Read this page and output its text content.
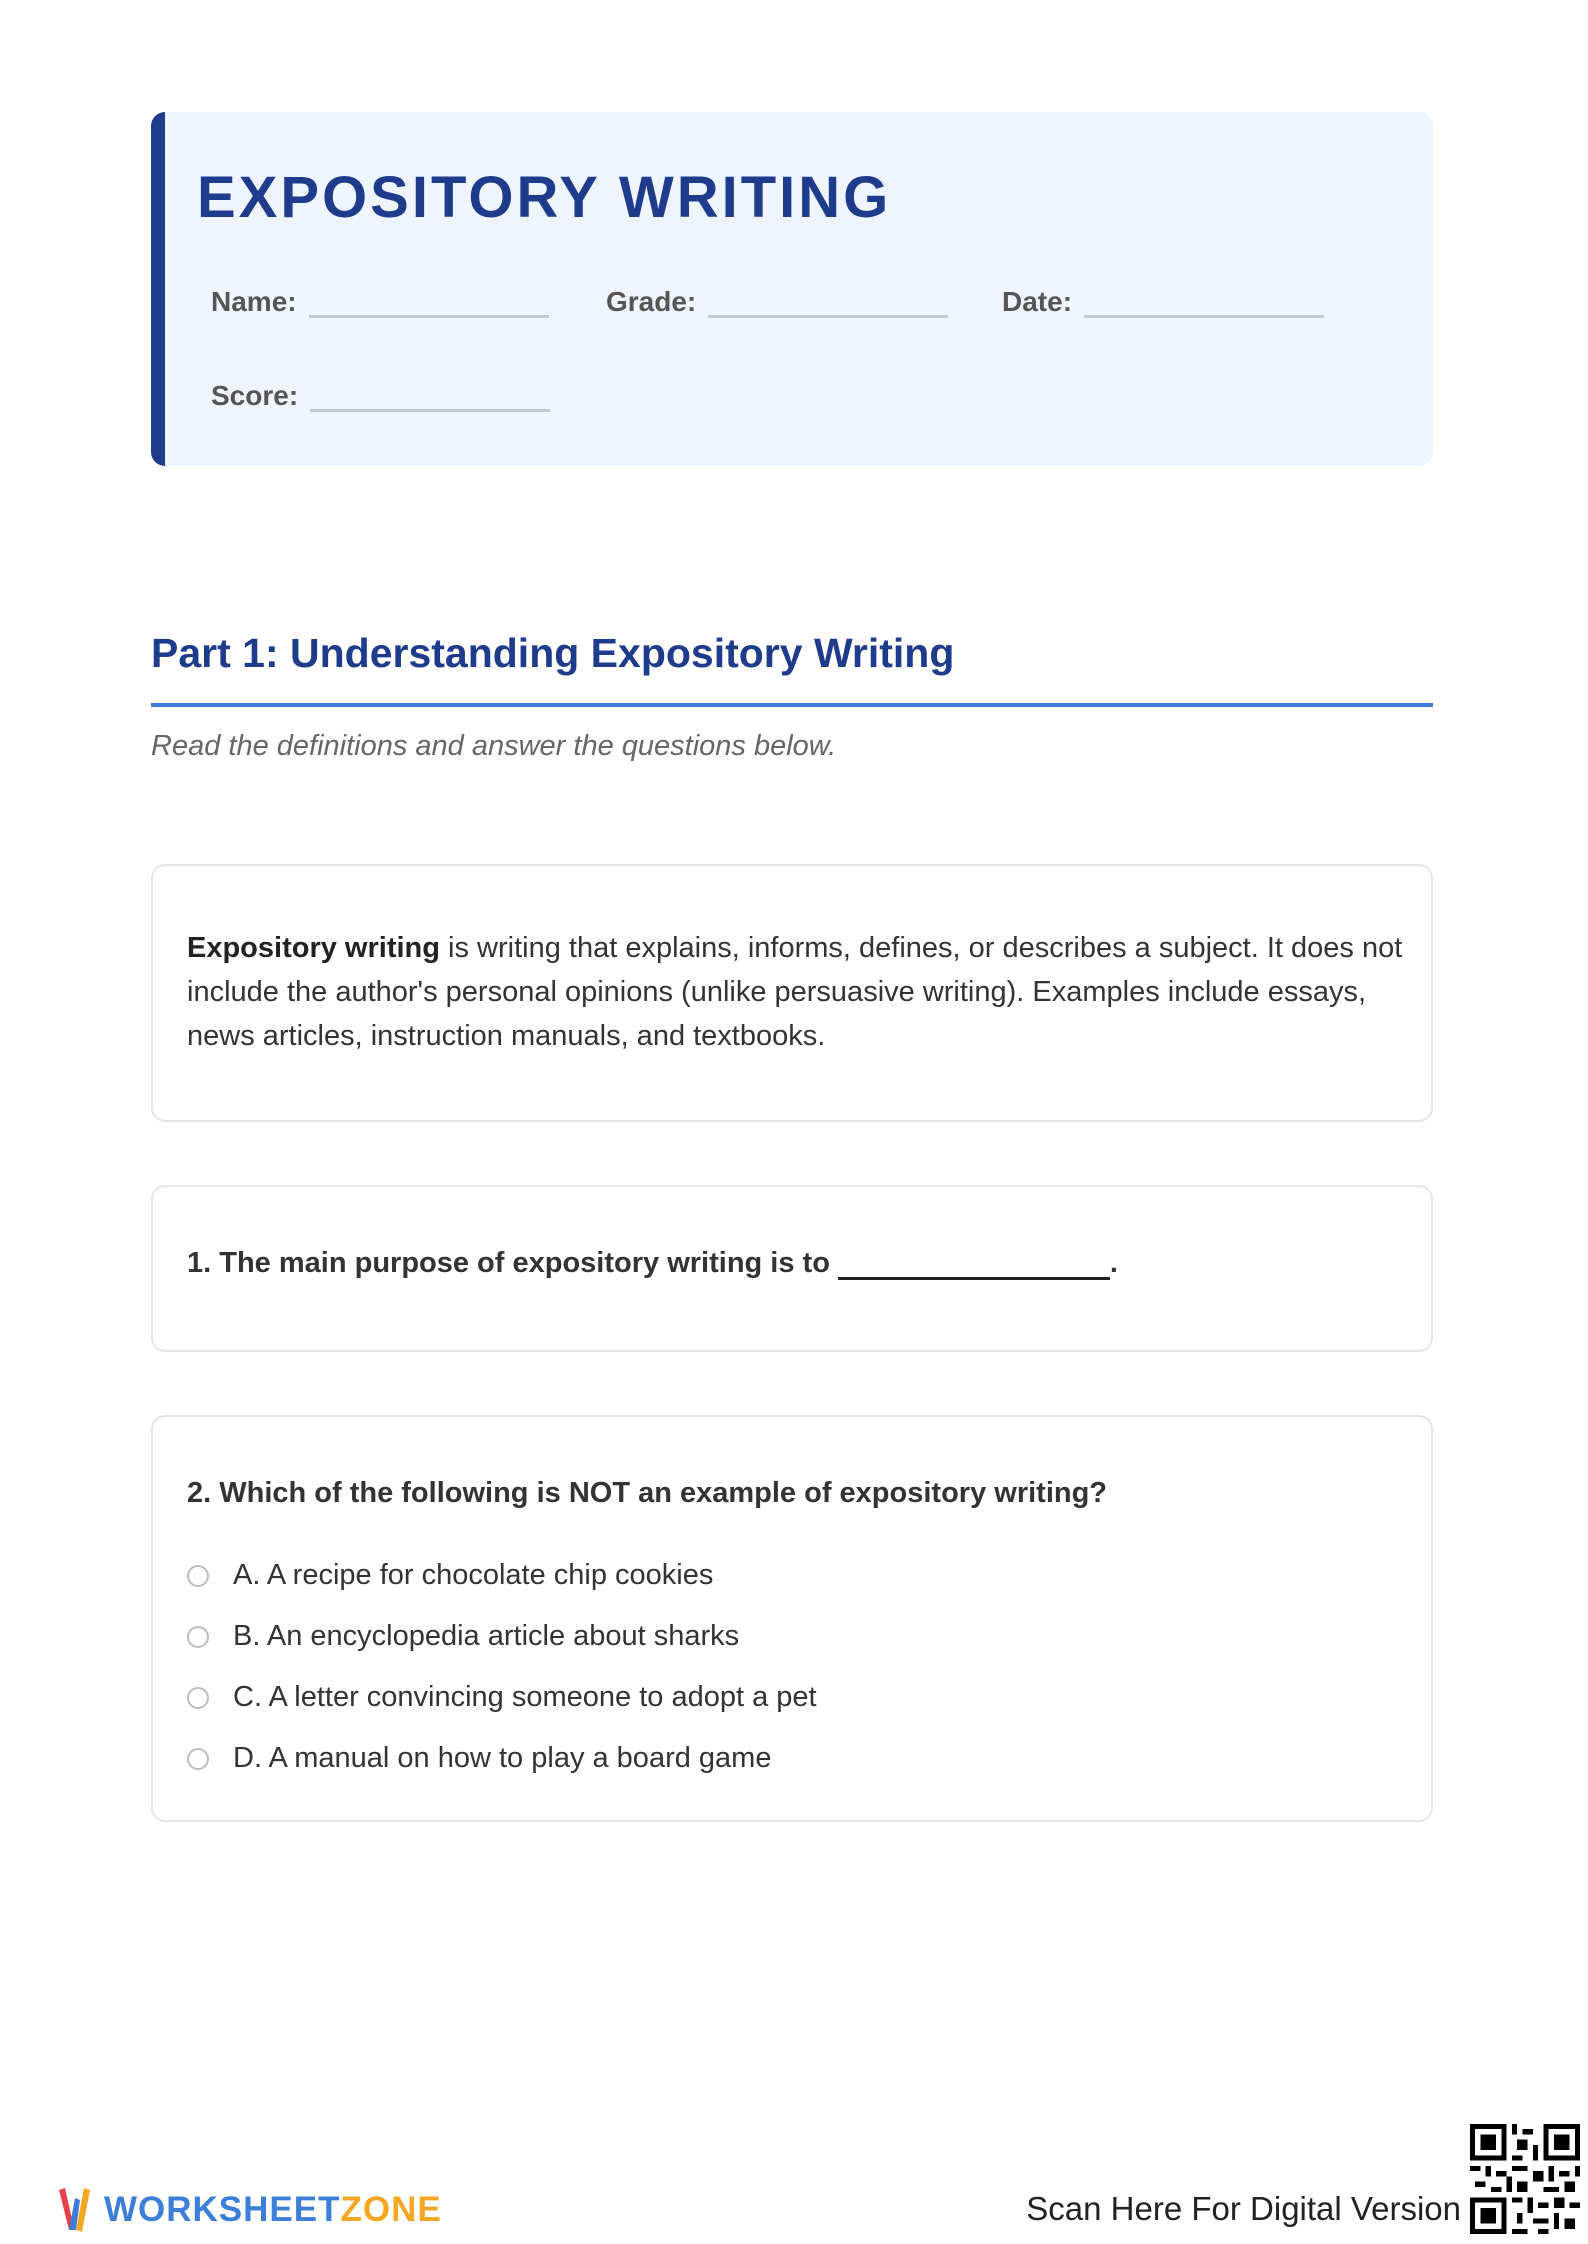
EXPOSITORY WRITING
Name:	Grade:	Date:
Score:
Part 1: Understanding Expository Writing
Read the definitions and answer the questions below.
Expository writing is writing that explains, informs, defines, or describes a subject. It does not include the author's personal opinions (unlike persuasive writing). Examples include essays, news articles, instruction manuals, and textbooks.
1. The main purpose of expository writing is to	.
2. Which of the following is NOT an example of expository writing?
A. A recipe for chocolate chip cookies
B. An encyclopedia article about sharks
C. A letter convincing someone to adopt a pet
D. A manual on how to play a board game
WORKSHEETZONE	Scan Here For Digital Version
